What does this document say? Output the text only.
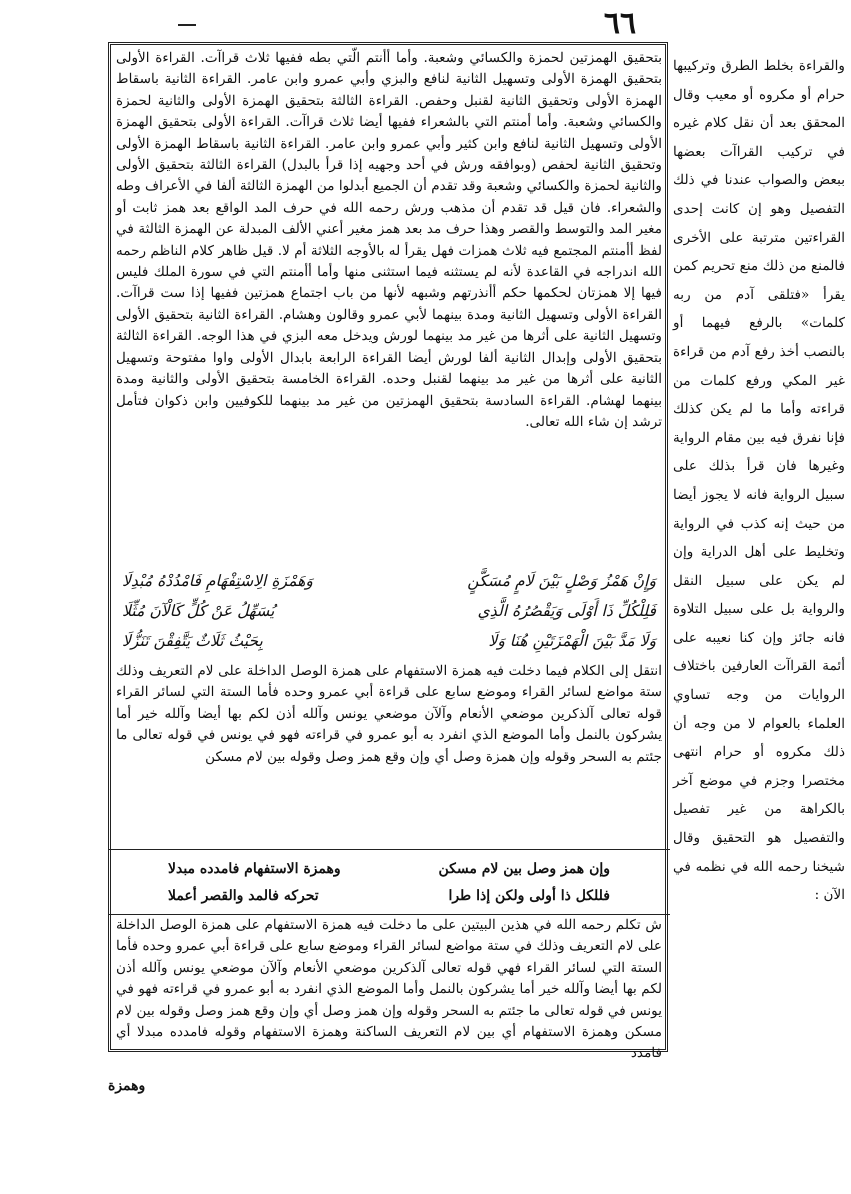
٦٦

بتحقيق الهمزتين لحمزة والكسائي وشعبة. وأما أأنتم الّتي بطه ففيها ثلاث قراآت. القراءة الأولى بتحقيق الهمزة الأولى وتسهيل الثانية لنافع والبزي وأبي عمرو وابن عامر. القراءة الثانية باسقاط الهمزة الأولى وتحقيق الثانية لقنبل وحفص. القراءة الثالثة بتحقيق الهمزة الأولى والثانية لحمزة والكسائي وشعبة. وأما أمنتم التي بالشعراء ففيها أيضا ثلاث قراآت. القراءة الأولى بتحقيق الهمزة الأولى وتسهيل الثانية لنافع وابن كثير وأبي عمرو وابن عامر. القراءة الثانية باسقاط الهمزة الأولى وتحقيق الثانية لحفص (وبوافقه ورش في أحد وجهيه إذا قرأ بالبدل) القراءة الثالثة بتحقيق الأولى والثانية لحمزة والكسائي وشعبة وقد تقدم أن الجميع أبدلوا من الهمزة الثالثة ألفا في الأعراف وطه والشعراء. فان قيل قد تقدم أن مذهب ورش رحمه الله في حرف المد الواقع بعد همز ثابت أو مغير المد والتوسط والقصر وهذا حرف مد بعد همز مغير أعني الألف المبدلة عن الهمزة الثالثة في لفظ أأمنتم المجتمع فيه ثلاث همزات فهل يقرأ له بالأوجه الثلاثة أم لا. قيل ظاهر كلام الناظم رحمه الله اندراجه في القاعدة لأنه لم يستثنه فيما استثنى منها وأما أأمنتم التي في سورة الملك فليس فيها إلا همزتان لحكمها حكم أأنذرتهم وشبهه لأنها من باب اجتماع همزتين ففيها إذا ست قراآت. القراءة الأولى وتسهيل الثانية ومدة بينهما لأبي عمرو وقالون وهشام. القراءة الثانية بتحقيق الأولى وتسهيل الثانية على أثرها من غير مد بينهما لورش ويدخل معه البزي في هذا الوجه. القراءة الثالثة بتحقيق الأولى وإبدال الثانية ألفا لورش أيضا القراءة الرابعة بابدال الأولى واوا مفتوحة وتسهيل الثانية على أثرها من غير مد بينهما لقنبل وحده. القراءة الخامسة بتحقيق الأولى والثانية ومدة بينهما لهشام. القراءة السادسة بتحقيق الهمزتين من غير مد بينهما للكوفيين وابن ذكوان فتأمل ترشد إن شاء الله تعالى.

وَإِنْ هَمْزُ وَصْلٍ بَيْنَ لَامٍ مُسَكَّنٍ
وَهَمْزَةِ الِاسْتِفْهَامِ فَامْدُدْهُ مُبْدِلَا
فَلِلْكُلِّ ذَا أَوْلَى وَيَقْصُرُهُ الَّذِي
يُسَهِّلُ عَنْ كُلٍّ كَالْآنَ مُثِّلَا
وَلَا مَدَّ بَيْنَ الْهَمْزَتَيْنِ هُنَا وَلَا
بِحَيْثُ ثَلَاثٌ يَتَّفِقْنَ تَنَزُّلَا

انتقل إلى الكلام فيما دخلت فيه همزة الاستفهام على همزة الوصل الداخلة على لام التعريف وذلك ستة مواضع لسائر القراء وموضع سابع على قراءة أبي عمرو وحده فأما الستة التي لسائر القراء قوله تعالى آلذكرين موضعي الأنعام وآلآن موضعي يونس وآلله أذن لكم بها أيضا وآلله خير أما يشركون بالنمل وأما الموضع الذي انفرد به أبو عمرو في قراءته فهو في يونس في قوله تعالى ما جئتم به السحر وقوله وإن همزة وصل أي وإن وقع همز وصل وقوله بين لام مسكن

وإن همز وصل بين لام مسكن
وهمزة الاستفهام فامدده مبدلا
فللكل ذا أولى ولكن إذا طرا
تحركه فالمد والقصر أعملا

ش تكلم رحمه الله في هذين البيتين على ما دخلت فيه همزة الاستفهام على همزة الوصل الداخلة على لام التعريف وذلك في ستة مواضع لسائر القراء وموضع سابع على قراءة أبي عمرو وحده فأما الستة التي لسائر القراء فهي قوله تعالى آلذكرين موضعي الأنعام وآلآن موضعي يونس وآلله أذن لكم بها أيضا وآلله خير أما يشركون بالنمل وأما الموضع الذي انفرد به أبو عمرو في قراءته فهو في يونس في قوله تعالى ما جئتم به السحر وقوله وإن همز وصل أي وإن وقع همز وصل وقوله بين لام مسكن وهمزة الاستفهام أي بين لام التعريف الساكنة وهمزة الاستفهام وقوله فامدده مبدلا أي فامدد

والقراءة بخلط الطرق وتركيبها حرام أو مكروه أو معيب وقال المحقق بعد أن نقل كلام غيره في تركيب القراآت بعضها ببعض والصواب عندنا في ذلك التفصيل وهو إن كانت إحدى القراءتين مترتبة على الأخرى فالمنع من ذلك منع تحريم كمن يقرأ «فتلقى آدم من ربه كلمات» بالرفع فيهما أو بالنصب أخذ رفع آدم من قراءة غير المكي ورفع كلمات من قراءته وأما ما لم يكن كذلك فإنا نفرق فيه بين مقام الرواية وغيرها فان قرأ بذلك على سبيل الرواية فانه لا يجوز أيضا من حيث إنه كذب في الرواية وتخليط على أهل الدراية وإن لم يكن على سبيل النقل والرواية بل على سبيل التلاوة فانه جائز وإن كنا نعيبه على أئمة القراآت العارفين باختلاف الروايات من وجه تساوي العلماء بالعوام لا من وجه أن ذلك مكروه أو حرام انتهى مختصرا وجزم في موضع آخر بالكراهة من غير تفصيل والتفصيل هو التحقيق وقال شيخنا رحمه الله في نظمه في الآن :
وهمزة
